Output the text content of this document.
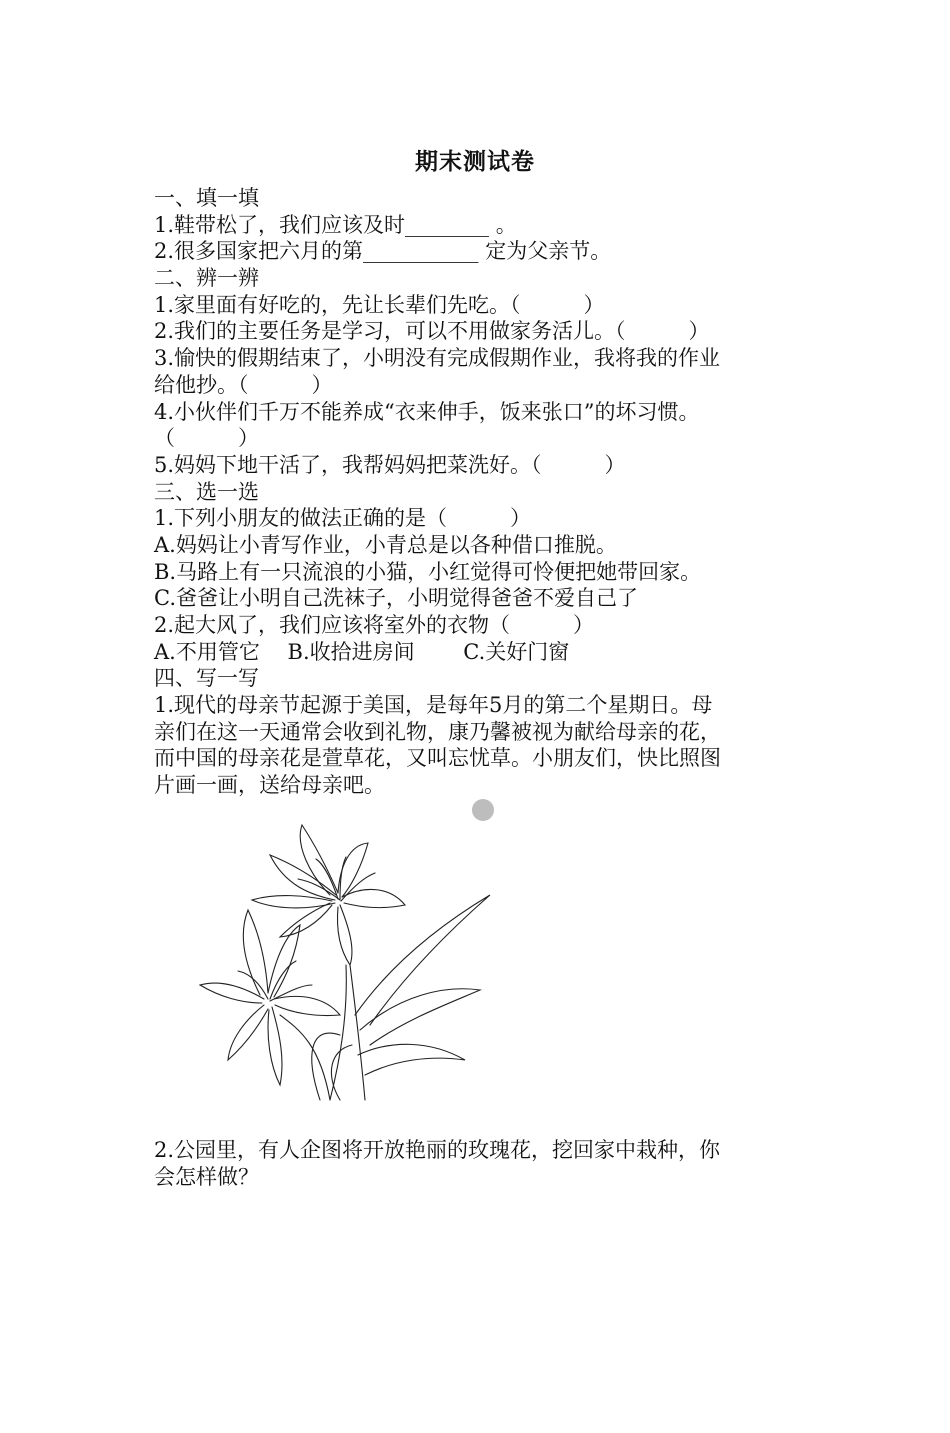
期末测试卷
一、填一填
1.鞋带松了，我们应该及时________ 。
2.很多国家把六月的第___________ 定为父亲节。
二、辨一辨
1.家里面有好吃的，先让长辈们先吃。（　　　）
2.我们的主要任务是学习，可以不用做家务活儿。（　　　）
3.愉快的假期结束了，小明没有完成假期作业，我将我的作业
给他抄。（　　　）
4.小伙伴们千万不能养成“衣来伸手，饭来张口”的坏习惯。
（　　　）
5.妈妈下地干活了，我帮妈妈把菜洗好。（　　　）
三、选一选
1.下列小朋友的做法正确的是（　　　）
A.妈妈让小青写作业，小青总是以各种借口推脱。
B.马路上有一只流浪的小猫，小红觉得可怜便把她带回家。
C.爸爸让小明自己洗袜子，小明觉得爸爸不爱自己了
2.起大风了，我们应该将室外的衣物（　　　）
A.不用管它　 B.收拾进房间　　 C.关好门窗
四、写一写
1.现代的母亲节起源于美国，是每年5月的第二个星期日。母
亲们在这一天通常会收到礼物，康乃馨被视为献给母亲的花，
而中国的母亲花是萱草花，又叫忘忧草。小朋友们，快比照图
片画一画，送给母亲吧。
2.公园里，有人企图将开放艳丽的玫瑰花，挖回家中栽种，你
会怎样做？
